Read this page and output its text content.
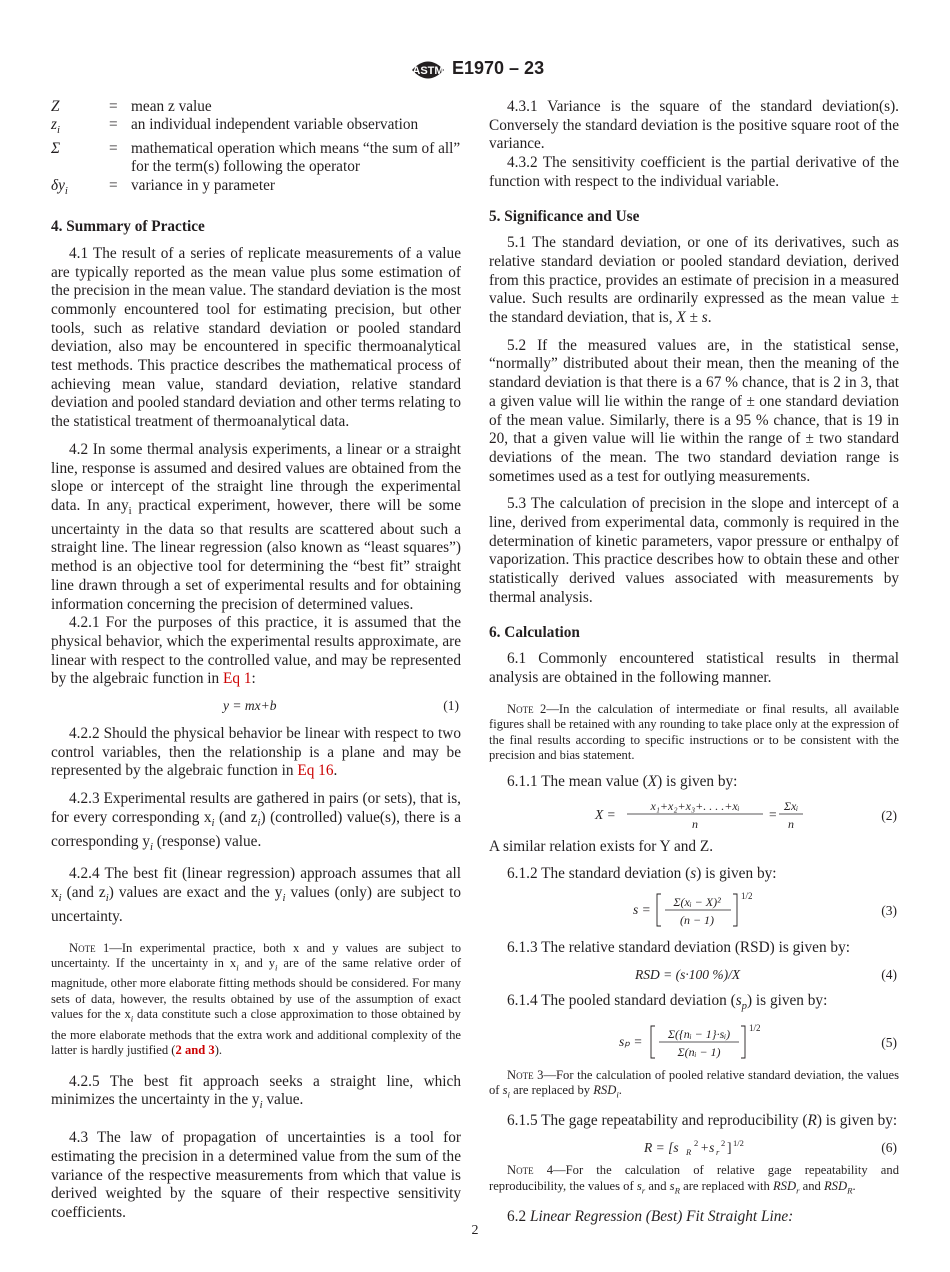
ASTM E1970 – 23
Z	=	mean z value
$z_i$	=	an individual independent variable observation
Σ	=	mathematical operation which means “the sum of all” for the term(s) following the operator
$\delta y_i$	=	variance in y parameter
4. Summary of Practice

4.1 The result of a series of replicate measurements of a value are typically reported as the mean value plus some estimation of the precision in the mean value. The standard deviation is the most commonly encountered tool for estimating precision, but other tools, such as relative standard deviation or pooled standard deviation, also may be encountered in specific thermoanalytical test methods. This practice describes the mathematical process of achieving mean value, standard deviation, relative standard deviation and pooled standard deviation and other terms relating to the statistical treatment of thermoanalytical data.

4.2 In some thermal analysis experiments, a linear or a straight line, response is assumed and desired values are obtained from the slope or intercept of the straight line through the experimental data. In any$_i$ practical experiment, however, there will be some uncertainty in the data so that results are scattered about such a straight line. The linear regression (also known as “least squares”) method is an objective tool for determining the “best fit” straight line drawn through a set of experimental results and for obtaining information concerning the precision of determined values.

4.2.1 For the purposes of this practice, it is assumed that the physical behavior, which the experimental results approximate, are linear with respect to the controlled value, and may be represented by the algebraic function in Eq 1:

y = mx+b	(1)

4.2.2 Should the physical behavior be linear with respect to two control variables, then the relationship is a plane and may be represented by the algebraic function in Eq 16.

4.2.3 Experimental results are gathered in pairs (or sets), that is, for every corresponding $x_i$ (and $z_i$) (controlled) value(s), there is a corresponding $y_i$ (response) value.

4.2.4 The best fit (linear regression) approach assumes that all $x_i$ (and $z_i$) values are exact and the $y_i$ values (only) are subject to uncertainty.

Note 1—In experimental practice, both x and y values are subject to uncertainty. If the uncertainty in $x_i$ and $y_i$ are of the same relative order of magnitude, other more elaborate fitting methods should be considered. For many sets of data, however, the results obtained by use of the assumption of exact values for the $x_i$ data constitute such a close approximation to those obtained by the more elaborate methods that the extra work and additional complexity of the latter is hardly justified (2 and 3).

4.2.5 The best fit approach seeks a straight line, which minimizes the uncertainty in the $y_i$ value.

4.3 The law of propagation of uncertainties is a tool for estimating the precision in a determined value from the sum of the variance of the respective measurements from which that value is derived weighted by the square of their respective sensitivity coefficients.

4.3.1 Variance is the square of the standard deviation(s). Conversely the standard deviation is the positive square root of the variance.

4.3.2 The sensitivity coefficient is the partial derivative of the function with respect to the individual variable.

5. Significance and Use

5.1 The standard deviation, or one of its derivatives, such as relative standard deviation or pooled standard deviation, derived from this practice, provides an estimate of precision in a measured value. Such results are ordinarily expressed as the mean value ± the standard deviation, that is, X ± s.

5.2 If the measured values are, in the statistical sense, “normally” distributed about their mean, then the meaning of the standard deviation is that there is a 67 % chance, that is 2 in 3, that a given value will lie within the range of ± one standard deviation of the mean value. Similarly, there is a 95 % chance, that is 19 in 20, that a given value will lie within the range of ± two standard deviations of the mean. The two standard deviation range is sometimes used as a test for outlying measurements.

5.3 The calculation of precision in the slope and intercept of a line, derived from experimental data, commonly is required in the determination of kinetic parameters, vapor pressure or enthalpy of vaporization. This practice describes how to obtain these and other statistically derived values associated with measurements by thermal analysis.

6. Calculation

6.1 Commonly encountered statistical results in thermal analysis are obtained in the following manner.

Note 2—In the calculation of intermediate or final results, all available figures shall be retained with any rounding to take place only at the expression of the final results according to specific instructions or to be consistent with the precision and bias statement.

6.1.1 The mean value (X) is given by:

X =
x₁+x₂+x₃+. . . .+xᵢ
n
=
Σxᵢ
n
(2)

A similar relation exists for Y and Z.

6.1.2 The standard deviation (s) is given by:

s = Σ(xᵢ − X)²
(n − 1)
1/2
(3)

6.1.3 The relative standard deviation (RSD) is given by:

RSD = (s·100 %)/X	(4)

6.1.4 The pooled standard deviation $(s_p)$ is given by:

sₚ = Σ({nᵢ − 1}·sᵢ)
Σ(nᵢ − 1)
1/2
(5)

Note 3—For the calculation of pooled relative standard deviation, the values of $s_i$ are replaced by $RSD_i$.

6.1.5 The gage repeatability and reproducibility (R) is given by:

R = [s R
2 +s r
2 ] 1/2	(6)

Note 4—For the calculation of relative gage repeatability and reproducibility, the values of $s_r$ and $s_R$ are replaced with $RSD_r$ and $RSD_R$.

6.2 Linear Regression (Best) Fit Straight Line:

2
